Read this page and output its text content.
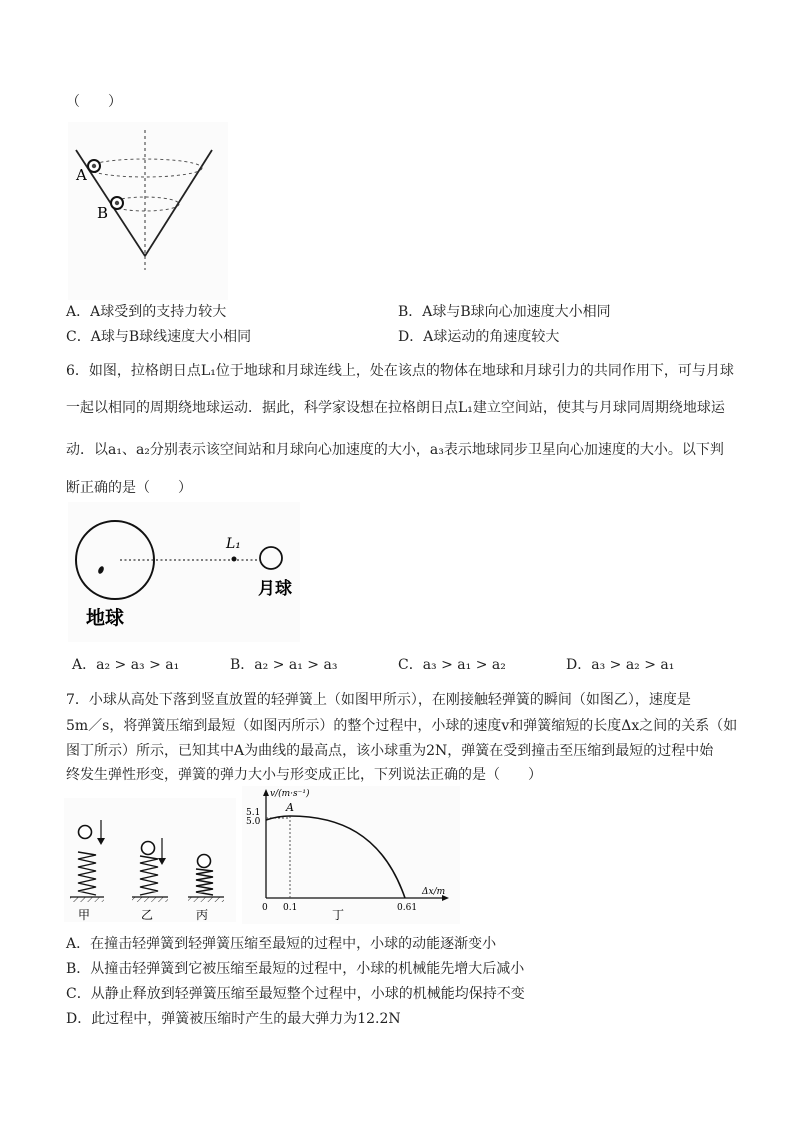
（　　）
A
B
A．A球受到的支持力较大	B．A球与B球向心加速度大小相同
C．A球与B球线速度大小相同	D．A球运动的角速度较大
6．如图，拉格朗日点L₁位于地球和月球连线上，处在该点的物体在地球和月球引力的共同作用下，可与月球
一起以相同的周期绕地球运动．据此，科学家设想在拉格朗日点L₁建立空间站，使其与月球同周期绕地球运
动．以a₁、a₂分别表示该空间站和月球向心加速度的大小，a₃表示地球同步卫星向心加速度的大小。以下判
断正确的是（　　）
L₁
月球
地球
A．a₂ > a₃ > a₁	B．a₂ > a₁ > a₃	C．a₃ > a₁ > a₂	D．a₃ > a₂ > a₁
7．小球从高处下落到竖直放置的轻弹簧上（如图甲所示），在刚接触轻弹簧的瞬间（如图乙），速度是
5m／s，将弹簧压缩到最短（如图丙所示）的整个过程中，小球的速度v和弹簧缩短的长度Δx之间的关系（如
图丁所示）所示，已知其中A为曲线的最高点，该小球重为2N，弹簧在受到撞击至压缩到最短的过程中始
终发生弹性形变，弹簧的弹力大小与形变成正比，下列说法正确的是（　　）
甲	乙	丙
v/(m·s⁻¹)
5.1
5.0
A
0 0.1	0.61
Δx/m
丁
A．在撞击轻弹簧到轻弹簧压缩至最短的过程中，小球的动能逐渐变小
B．从撞击轻弹簧到它被压缩至最短的过程中，小球的机械能先增大后减小
C．从静止释放到轻弹簧压缩至最短整个过程中，小球的机械能均保持不变
D．此过程中，弹簧被压缩时产生的最大弹力为12.2N
